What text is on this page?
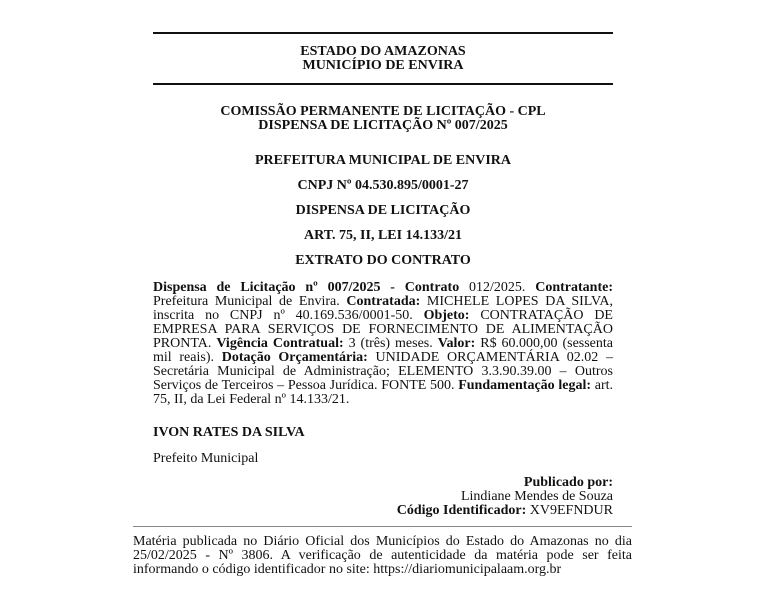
ESTADO DO AMAZONAS
MUNICÍPIO DE ENVIRA
COMISSÃO PERMANENTE DE LICITAÇÃO - CPL
DISPENSA DE LICITAÇÃO Nº 007/2025
PREFEITURA MUNICIPAL DE ENVIRA
CNPJ Nº 04.530.895/0001-27
DISPENSA DE LICITAÇÃO
ART. 75, II, LEI 14.133/21
EXTRATO DO CONTRATO
Dispensa de Licitação nº 007/2025 - Contrato 012/2025. Contratante: Prefeitura Municipal de Envira. Contratada: MICHELE LOPES DA SILVA, inscrita no CNPJ nº 40.169.536/0001-50. Objeto: CONTRATAÇÃO DE EMPRESA PARA SERVIÇOS DE FORNECIMENTO DE ALIMENTAÇÃO PRONTA. Vigência Contratual: 3 (três) meses. Valor: R$ 60.000,00 (sessenta mil reais). Dotação Orçamentária: UNIDADE ORÇAMENTÁRIA 02.02 – Secretária Municipal de Administração; ELEMENTO 3.3.90.39.00 – Outros Serviços de Terceiros – Pessoa Jurídica. FONTE 500. Fundamentação legal: art. 75, II, da Lei Federal nº 14.133/21.
IVON RATES DA SILVA
Prefeito Municipal
Publicado por:
Lindiane Mendes de Souza
Código Identificador: XV9EFNDUR
Matéria publicada no Diário Oficial dos Municípios do Estado do Amazonas no dia 25/02/2025 - Nº 3806. A verificação de autenticidade da matéria pode ser feita informando o código identificador no site: https://diariomunicipalaam.org.br
